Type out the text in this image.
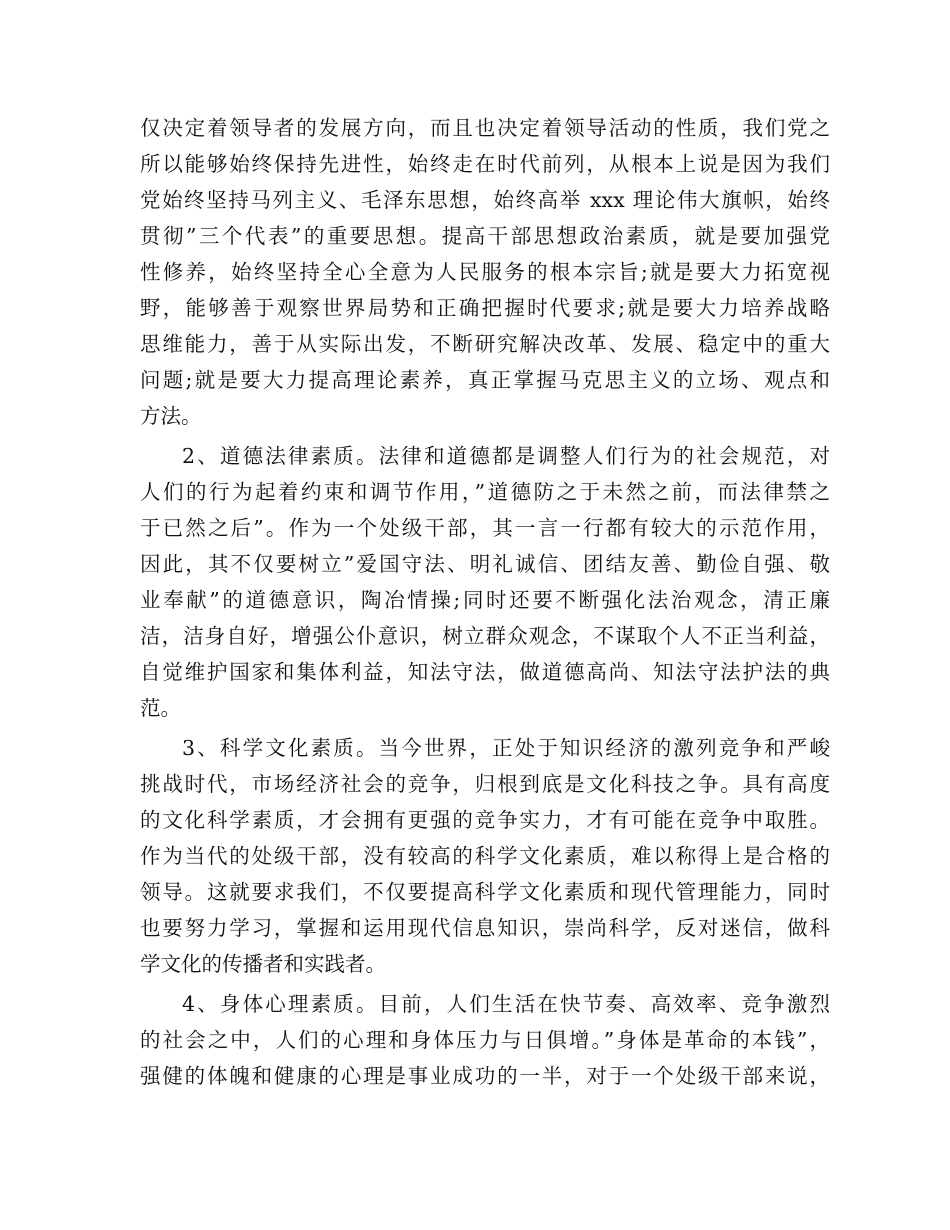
仅决定着领导者的发展方向，而且也决定着领导活动的性质，我们党之
所以能够始终保持先进性，始终走在时代前列，从根本上说是因为我们
党始终坚持马列主义、毛泽东思想，始终高举 xxx 理论伟大旗帜，始终
贯彻”三个代表”的重要思想。提高干部思想政治素质，就是要加强党
性修养，始终坚持全心全意为人民服务的根本宗旨;就是要大力拓宽视
野，能够善于观察世界局势和正确把握时代要求;就是要大力培养战略
思维能力，善于从实际出发，不断研究解决改革、发展、稳定中的重大
问题;就是要大力提高理论素养，真正掌握马克思主义的立场、观点和
方法。
2、道德法律素质。法律和道德都是调整人们行为的社会规范，对
人们的行为起着约束和调节作用，”道德防之于未然之前，而法律禁之
于已然之后”。作为一个处级干部，其一言一行都有较大的示范作用，
因此，其不仅要树立”爱国守法、明礼诚信、团结友善、勤俭自强、敬
业奉献”的道德意识，陶冶情操;同时还要不断强化法治观念，清正廉
洁，洁身自好，增强公仆意识，树立群众观念，不谋取个人不正当利益，
自觉维护国家和集体利益，知法守法，做道德高尚、知法守法护法的典
范。
3、科学文化素质。当今世界，正处于知识经济的激列竞争和严峻
挑战时代，市场经济社会的竞争，归根到底是文化科技之争。具有高度
的文化科学素质，才会拥有更强的竞争实力，才有可能在竞争中取胜。
作为当代的处级干部，没有较高的科学文化素质，难以称得上是合格的
领导。这就要求我们，不仅要提高科学文化素质和现代管理能力，同时
也要努力学习，掌握和运用现代信息知识，崇尚科学，反对迷信，做科
学文化的传播者和实践者。
4、身体心理素质。目前，人们生活在快节奏、高效率、竞争激烈
的社会之中，人们的心理和身体压力与日俱增。”身体是革命的本钱”，
强健的体魄和健康的心理是事业成功的一半，对于一个处级干部来说，
